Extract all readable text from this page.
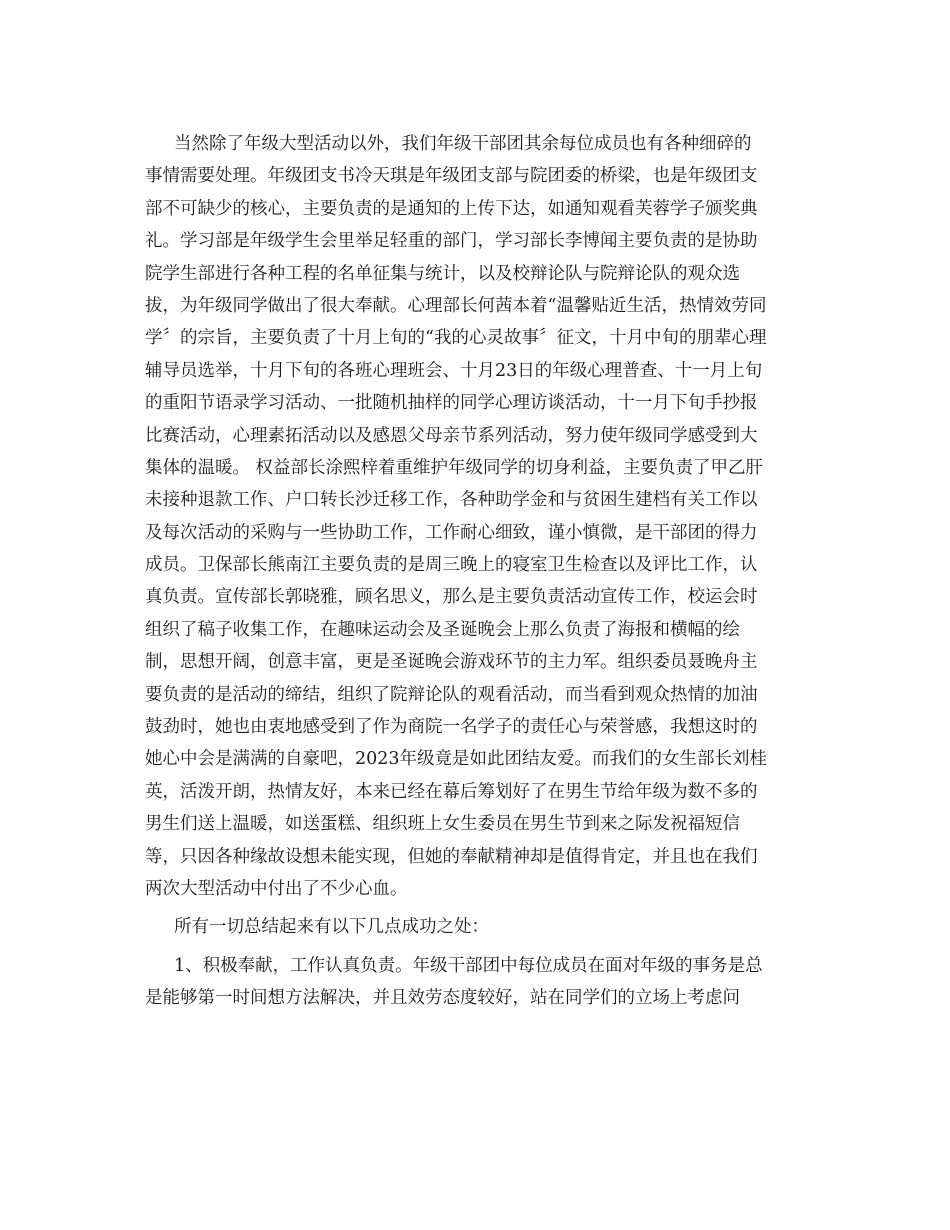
当然除了年级大型活动以外，我们年级干部团其余每位成员也有各种细碎的
事情需要处理。年级团支书冷天琪是年级团支部与院团委的桥梁，也是年级团支
部不可缺少的核心，主要负责的是通知的上传下达，如通知观看芙蓉学子颁奖典
礼。学习部是年级学生会里举足轻重的部门，学习部长李博闻主要负责的是协助
院学生部进行各种工程的名单征集与统计，以及校辩论队与院辩论队的观众选
拔，为年级同学做出了很大奉献。心理部长何茜本着“温馨贴近生活，热情效劳同
学〞的宗旨，主要负责了十月上旬的“我的心灵故事〞征文，十月中旬的朋辈心理
辅导员选举，十月下旬的各班心理班会、十月23日的年级心理普查、十一月上旬
的重阳节语录学习活动、一批随机抽样的同学心理访谈活动，十一月下旬手抄报
比赛活动，心理素拓活动以及感恩父母亲节系列活动，努力使年级同学感受到大
集体的温暖。 权益部长涂熙梓着重维护年级同学的切身利益，主要负责了甲乙肝
未接种退款工作、户口转长沙迁移工作，各种助学金和与贫困生建档有关工作以
及每次活动的采购与一些协助工作，工作耐心细致，谨小慎微，是干部团的得力
成员。卫保部长熊南江主要负责的是周三晚上的寝室卫生检查以及评比工作，认
真负责。宣传部长郭晓雅，顾名思义，那么是主要负责活动宣传工作，校运会时
组织了稿子收集工作，在趣味运动会及圣诞晚会上那么负责了海报和横幅的绘
制，思想开阔，创意丰富，更是圣诞晚会游戏环节的主力军。组织委员聂晚舟主
要负责的是活动的缔结，组织了院辩论队的观看活动，而当看到观众热情的加油
鼓劲时，她也由衷地感受到了作为商院一名学子的责任心与荣誉感，我想这时的
她心中会是满满的自豪吧，2023年级竟是如此团结友爱。而我们的女生部长刘桂
英，活泼开朗，热情友好，本来已经在幕后筹划好了在男生节给年级为数不多的
男生们送上温暖，如送蛋糕、组织班上女生委员在男生节到来之际发祝福短信
等，只因各种缘故设想未能实现，但她的奉献精神却是值得肯定，并且也在我们
两次大型活动中付出了不少心血。
所有一切总结起来有以下几点成功之处：
1、积极奉献，工作认真负责。年级干部团中每位成员在面对年级的事务是总
是能够第一时间想方法解决，并且效劳态度较好，站在同学们的立场上考虑问
